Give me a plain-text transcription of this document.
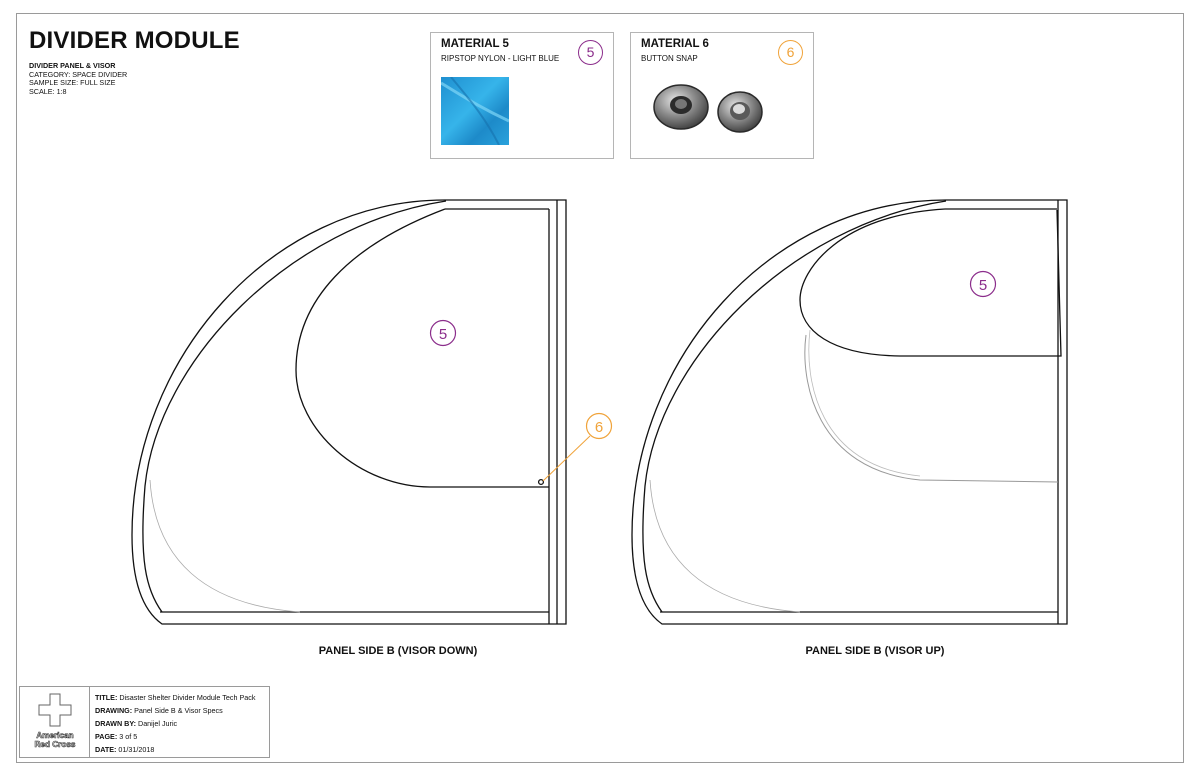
DIVIDER MODULE
DIVIDER PANEL & VISOR
CATEGORY: SPACE DIVIDER
SAMPLE SIZE: FULL SIZE
SCALE: 1:8
MATERIAL 5
RIPSTOP NYLON - LIGHT BLUE	5	MATERIAL 6
BUTTON SNAP	6
5
6
5
PANEL SIDE B (VISOR DOWN)	PANEL SIDE B (VISOR UP)
American
Red Cross
TITLE: Disaster Shelter Divider Module Tech Pack
DRAWING: Panel Side B & Visor Specs
DRAWN BY: Danijel Juric
PAGE: 3 of 5
DATE: 01/31/2018
